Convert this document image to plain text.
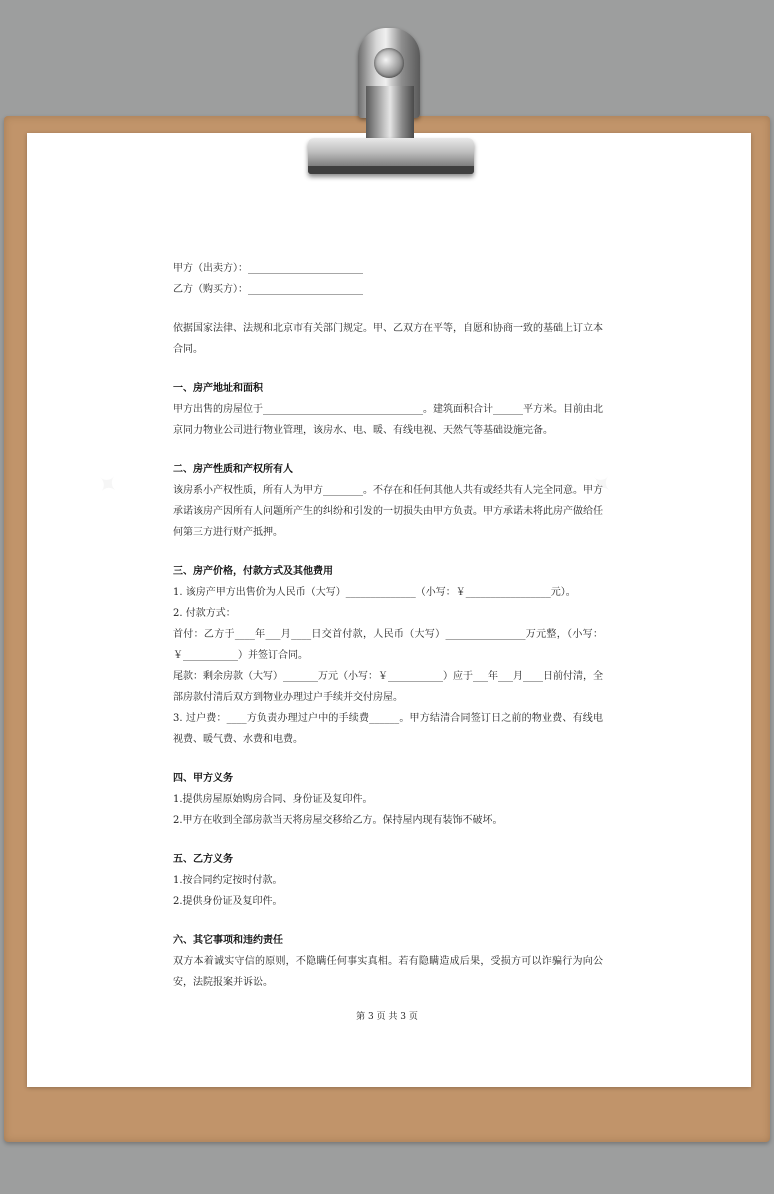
甲方（出卖方）：_______________________

乙方（购买方）：_______________________

依据国家法律、法规和北京市有关部门规定。甲、乙双方在平等，自愿和协商一致的基础上订立本合同。

一、房产地址和面积

甲方出售的房屋位于________________________________。建筑面积合计______平方米。目前由北京同力物业公司进行物业管理，该房水、电、暖、有线电视、天然气等基础设施完备。

二、房产性质和产权所有人

该房系小产权性质，所有人为甲方________。不存在和任何其他人共有或经共有人完全同意。甲方承诺该房产因所有人问题所产生的纠纷和引发的一切损失由甲方负责。甲方承诺未将此房产做给任何第三方进行财产抵押。

三、房产价格，付款方式及其他费用

1. 该房产甲方出售价为人民币（大写）______________（小写：￥_________________元）。

2. 付款方式：

首付：乙方于____年___月____日交首付款，人民币（大写）________________万元整，（小写：￥___________）并签订合同。

尾款：剩余房款（大写）_______万元（小写：￥___________）应于___年___月____日前付清，全部房款付清后双方到物业办理过户手续并交付房屋。

3. 过户费：____方负责办理过户中的手续费______。甲方结清合同签订日之前的物业费、有线电视费、暖气费、水费和电费。

四、甲方义务

1.提供房屋原始购房合同、身份证及复印件。

2.甲方在收到全部房款当天将房屋交移给乙方。保持屋内现有装饰不破坏。

五、乙方义务

1.按合同约定按时付款。

2.提供身份证及复印件。

六、其它事项和违约责任

双方本着诚实守信的原则，不隐瞒任何事实真相。若有隐瞒造成后果，受损方可以诈骗行为向公安，法院报案并诉讼。

第 3 页 共 3 页
